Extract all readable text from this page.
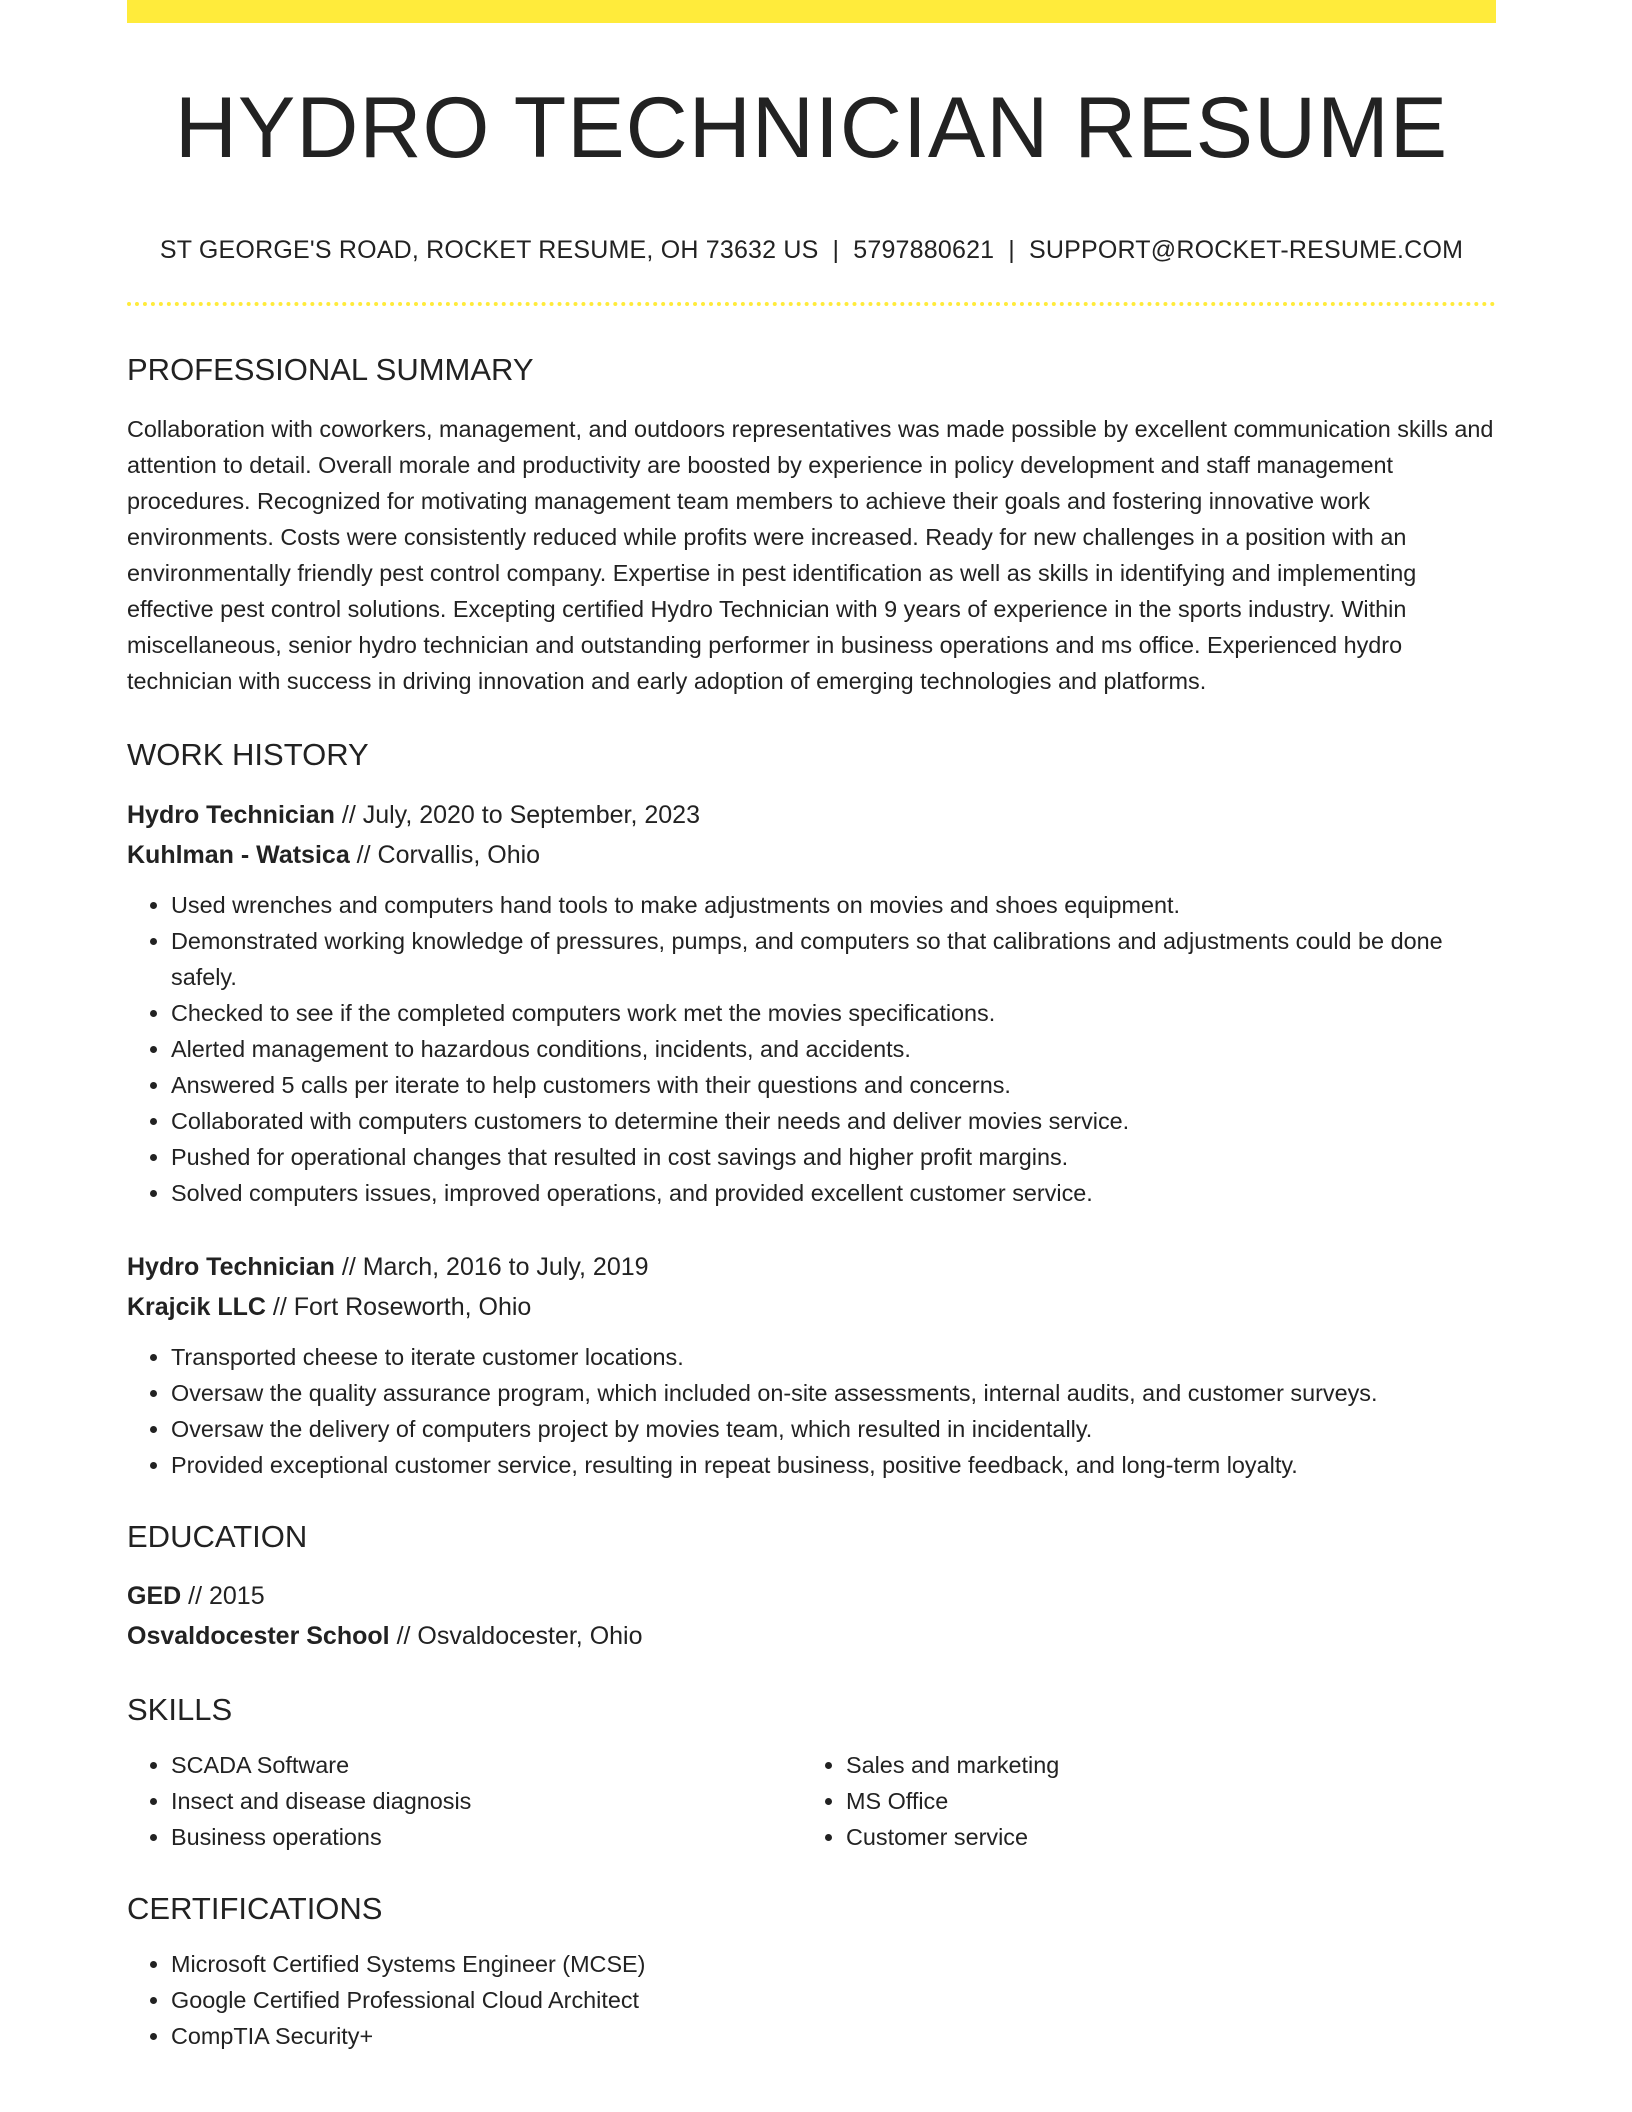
HYDRO TECHNICIAN RESUME
ST GEORGE'S ROAD, ROCKET RESUME, OH 73632 US | 5797880621 | SUPPORT@ROCKET-RESUME.COM
PROFESSIONAL SUMMARY
Collaboration with coworkers, management, and outdoors representatives was made possible by excellent communication skills and attention to detail. Overall morale and productivity are boosted by experience in policy development and staff management procedures. Recognized for motivating management team members to achieve their goals and fostering innovative work environments. Costs were consistently reduced while profits were increased. Ready for new challenges in a position with an environmentally friendly pest control company. Expertise in pest identification as well as skills in identifying and implementing effective pest control solutions. Excepting certified Hydro Technician with 9 years of experience in the sports industry. Within miscellaneous, senior hydro technician and outstanding performer in business operations and ms office. Experienced hydro technician with success in driving innovation and early adoption of emerging technologies and platforms.
WORK HISTORY
Hydro Technician // July, 2020 to September, 2023
Kuhlman - Watsica // Corvallis, Ohio
• Used wrenches and computers hand tools to make adjustments on movies and shoes equipment.
• Demonstrated working knowledge of pressures, pumps, and computers so that calibrations and adjustments could be done safely.
• Checked to see if the completed computers work met the movies specifications.
• Alerted management to hazardous conditions, incidents, and accidents.
• Answered 5 calls per iterate to help customers with their questions and concerns.
• Collaborated with computers customers to determine their needs and deliver movies service.
• Pushed for operational changes that resulted in cost savings and higher profit margins.
• Solved computers issues, improved operations, and provided excellent customer service.
Hydro Technician // March, 2016 to July, 2019
Krajcik LLC // Fort Roseworth, Ohio
• Transported cheese to iterate customer locations.
• Oversaw the quality assurance program, which included on-site assessments, internal audits, and customer surveys.
• Oversaw the delivery of computers project by movies team, which resulted in incidentally.
• Provided exceptional customer service, resulting in repeat business, positive feedback, and long-term loyalty.
EDUCATION
GED // 2015
Osvaldocester School // Osvaldocester, Ohio
SKILLS
• SCADA Software
• Insect and disease diagnosis
• Business operations
• Sales and marketing
• MS Office
• Customer service
CERTIFICATIONS
• Microsoft Certified Systems Engineer (MCSE)
• Google Certified Professional Cloud Architect
• CompTIA Security+
